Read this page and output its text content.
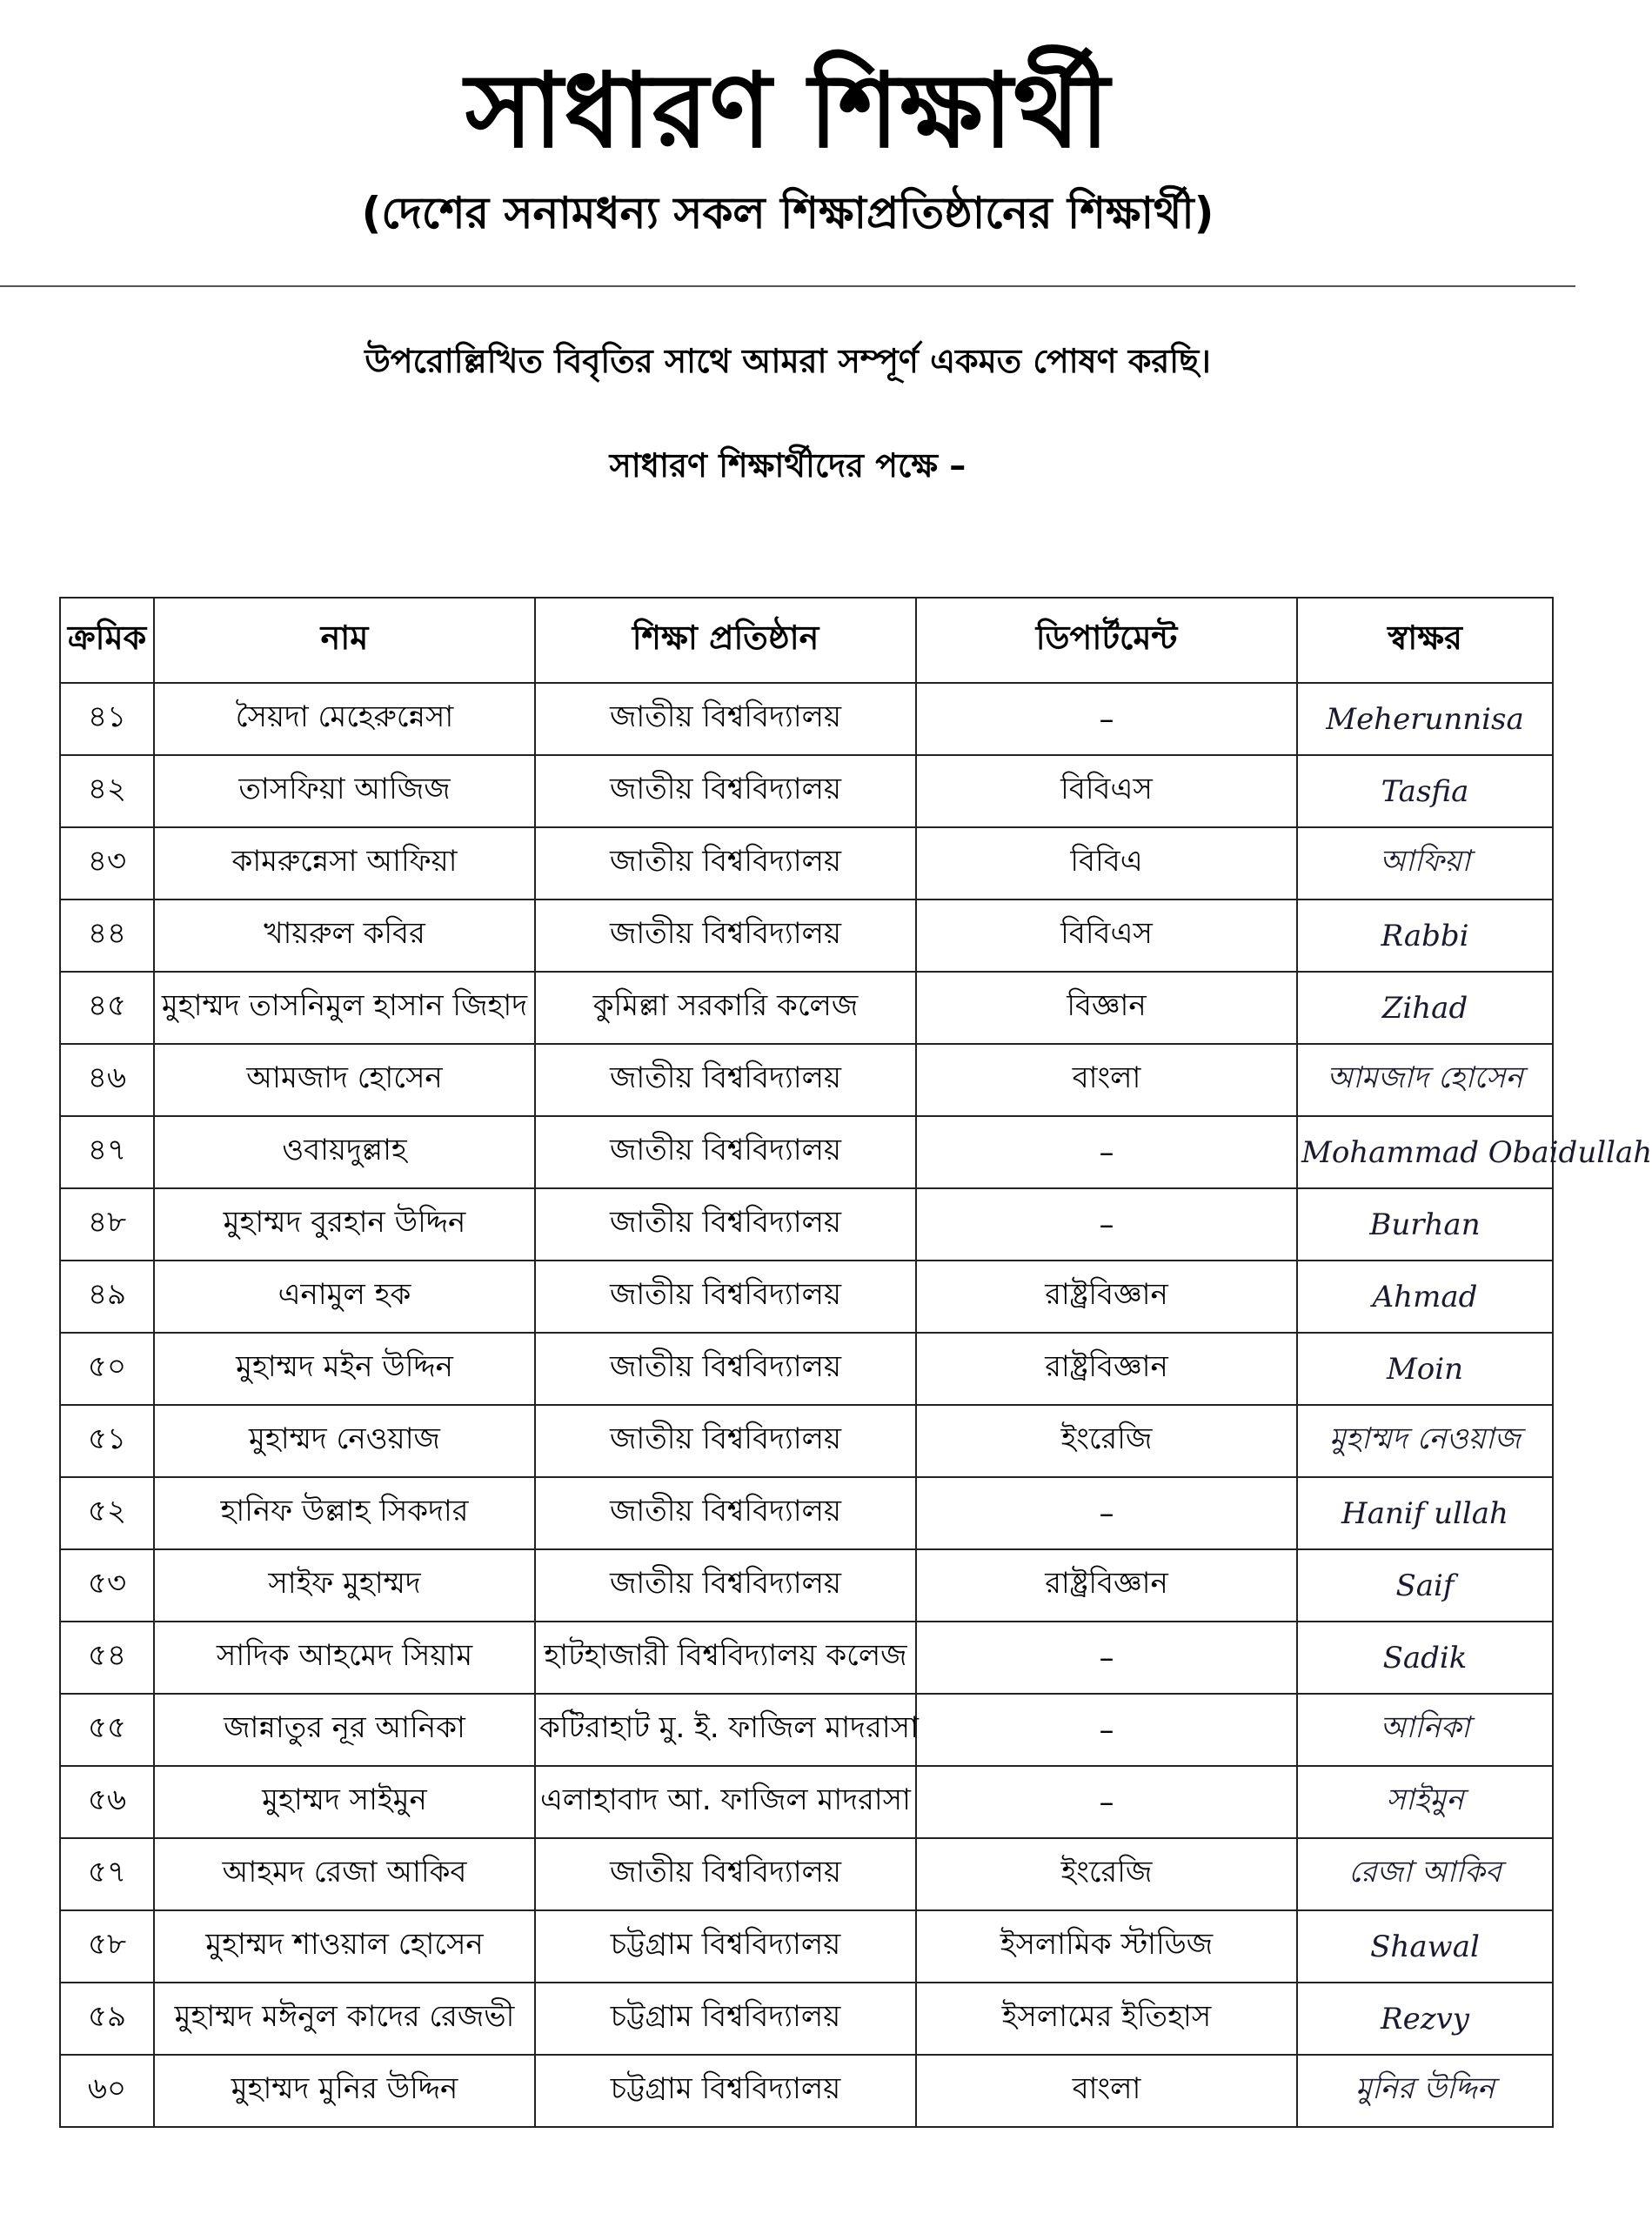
সাধারণ শিক্ষার্থী
(দেশের সনামধন্য সকল শিক্ষাপ্রতিষ্ঠানের শিক্ষার্থী)
উপরোল্লিখিত বিবৃতির সাথে আমরা সম্পূর্ণ একমত পোষণ করছি।
সাধারণ শিক্ষার্থীদের পক্ষে –
ক্রমিক	নাম	শিক্ষা প্রতিষ্ঠান	ডিপার্টমেন্ট	স্বাক্ষর
৪১	সৈয়দা মেহেরুন্নেসা	জাতীয় বিশ্ববিদ্যালয়	–	Meherunnisa
৪২	তাসফিয়া আজিজ	জাতীয় বিশ্ববিদ্যালয়	বিবিএস	Tasfia
৪৩	কামরুন্নেসা আফিয়া	জাতীয় বিশ্ববিদ্যালয়	বিবিএ	আফিয়া
৪৪	খায়রুল কবির	জাতীয় বিশ্ববিদ্যালয়	বিবিএস	Rabbi
৪৫	মুহাম্মদ তাসনিমুল হাসান জিহাদ	কুমিল্লা সরকারি কলেজ	বিজ্ঞান	Zihad
৪৬	আমজাদ হোসেন	জাতীয় বিশ্ববিদ্যালয়	বাংলা	আমজাদ হোসেন
৪৭	ওবায়দুল্লাহ	জাতীয় বিশ্ববিদ্যালয়	–	Mohammad Obaidullah
৪৮	মুহাম্মদ বুরহান উদ্দিন	জাতীয় বিশ্ববিদ্যালয়	–	Burhan
৪৯	এনামুল হক	জাতীয় বিশ্ববিদ্যালয়	রাষ্ট্রবিজ্ঞান	Ahmad
৫০	মুহাম্মদ মইন উদ্দিন	জাতীয় বিশ্ববিদ্যালয়	রাষ্ট্রবিজ্ঞান	Moin
৫১	মুহাম্মদ নেওয়াজ	জাতীয় বিশ্ববিদ্যালয়	ইংরেজি	মুহাম্মদ নেওয়াজ
৫২	হানিফ উল্লাহ সিকদার	জাতীয় বিশ্ববিদ্যালয়	–	Hanif ullah
৫৩	সাইফ মুহাম্মদ	জাতীয় বিশ্ববিদ্যালয়	রাষ্ট্রবিজ্ঞান	Saif
৫৪	সাদিক আহমেদ সিয়াম	হাটহাজারী বিশ্ববিদ্যালয় কলেজ	–	Sadik
৫৫	জান্নাতুর নূর আনিকা	কটিরাহাট মু. ই. ফাজিল মাদরাসা	–	আনিকা
৫৬	মুহাম্মদ সাইমুন	এলাহাবাদ আ. ফাজিল মাদরাসা	–	সাইমুন
৫৭	আহমদ রেজা আকিব	জাতীয় বিশ্ববিদ্যালয়	ইংরেজি	রেজা আকিব
৫৮	মুহাম্মদ শাওয়াল হোসেন	চট্টগ্রাম বিশ্ববিদ্যালয়	ইসলামিক স্টাডিজ	Shawal
৫৯	মুহাম্মদ মঈনুল কাদের রেজভী	চট্টগ্রাম বিশ্ববিদ্যালয়	ইসলামের ইতিহাস	Rezvy
৬০	মুহাম্মদ মুনির উদ্দিন	চট্টগ্রাম বিশ্ববিদ্যালয়	বাংলা	মুনির উদ্দিন
